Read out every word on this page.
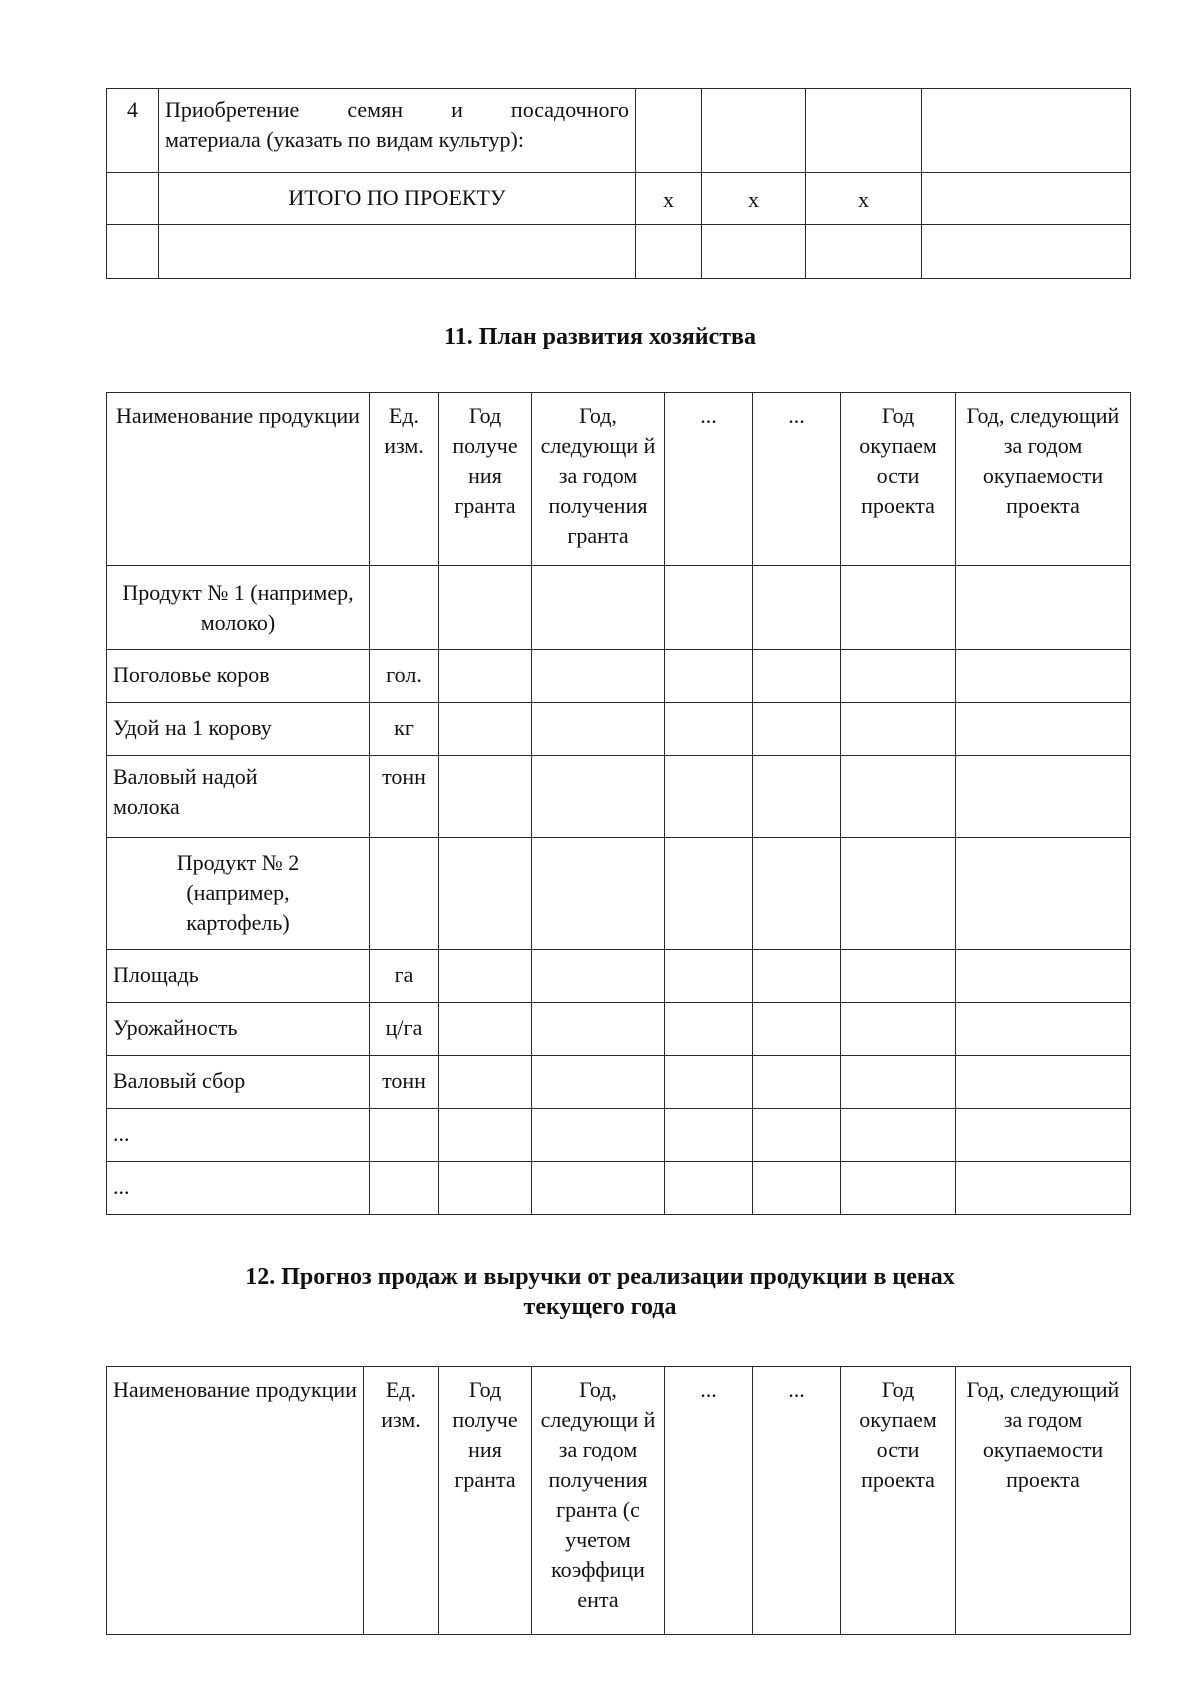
4	Приобретение семян и посадочного
материала (указать по видам культур):				

	ИТОГО ПО ПРОЕКТУ	х	х	х	

11. План развития хозяйства
Наименование продукции	Ед. изм.	Год получе ния гранта	Год, следующи й за годом получения гранта	...	...	Год окупаем ости проекта	Год, следующий за годом окупаемости проекта
Продукт № 1 (например, молоко)							
Поголовье коров	гол.						
Удой на 1 корову	кг						
Валовый надой молока	тонн						
Продукт № 2 (например, картофель)							
Площадь	га						
Урожайность	ц/га						
Валовый сбор	тонн						
...							
...							
12. Прогноз продаж и выручки от реализации продукции в ценах
текущего года
Наименование продукции	Ед. изм.	Год получе ния гранта	Год, следующи й за годом получения гранта (с учетом коэффици ента	...	...	Год окупаем ости проекта	Год, следующий за годом окупаемости проекта
